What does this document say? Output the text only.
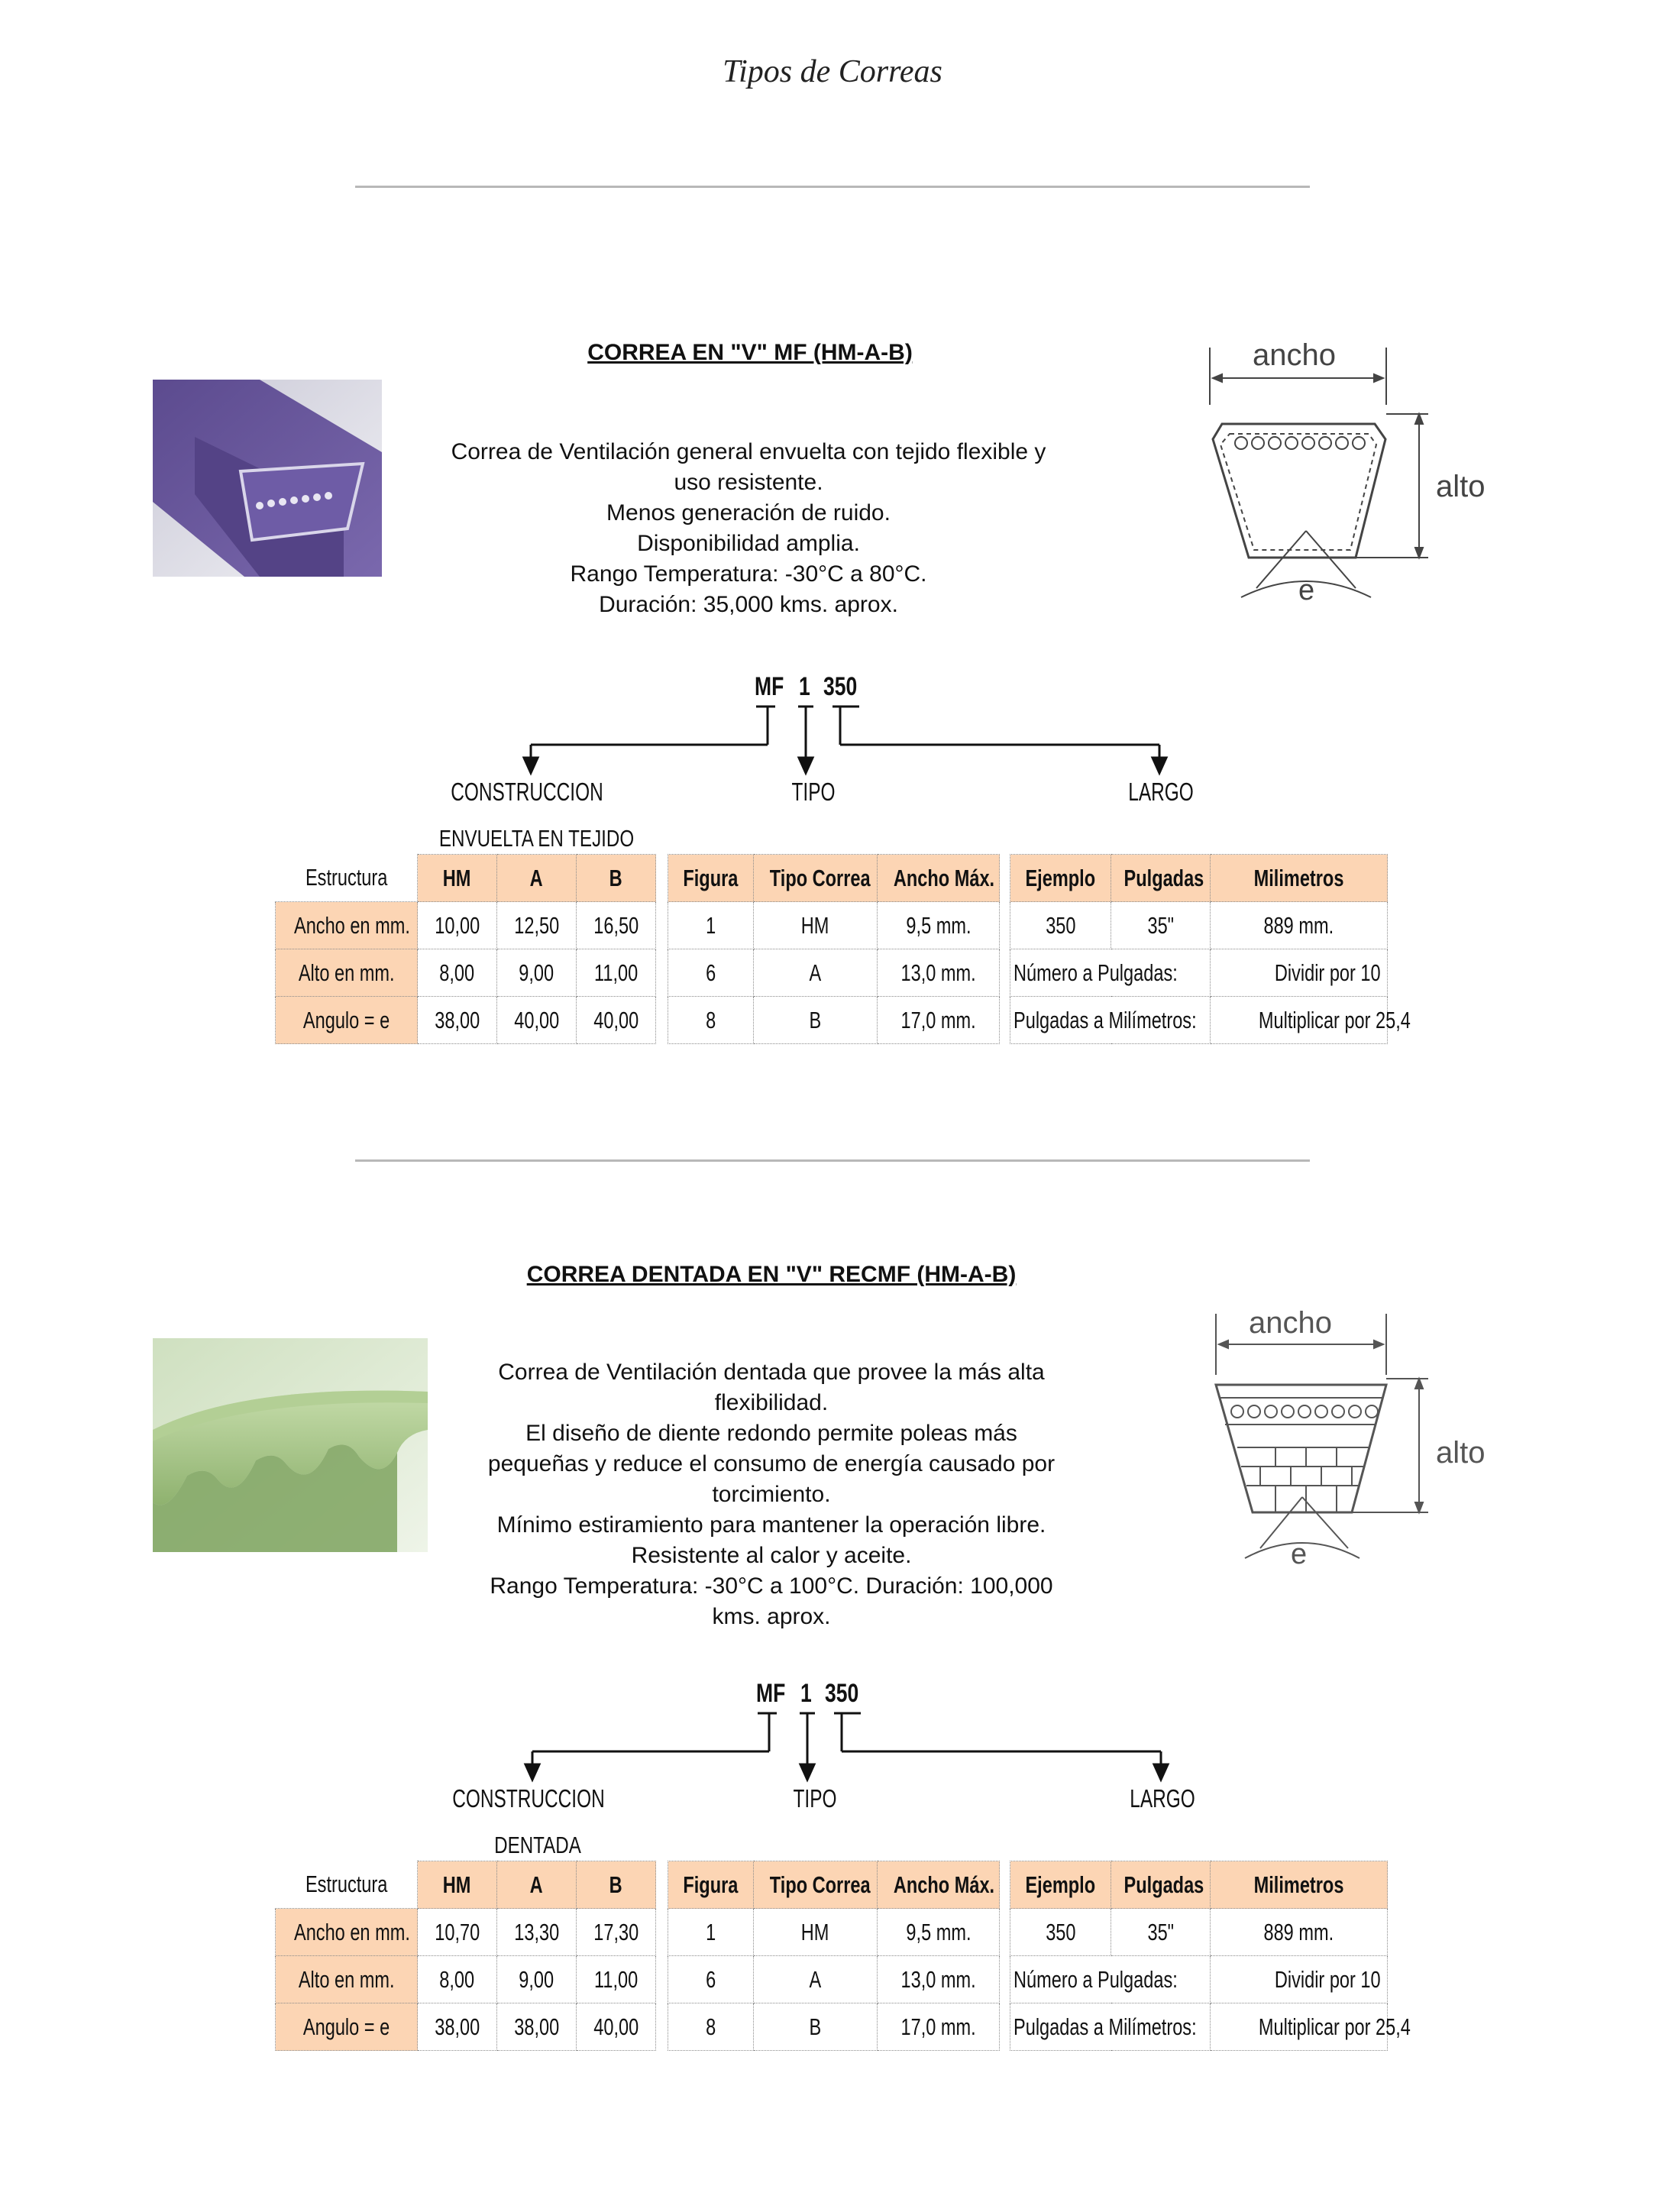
Tipos de Correas
CORREA EN "V" MF (HM-A-B)
Correa de Ventilación general envuelta con tejido flexible y
uso resistente.
Menos generación de ruido.
Disponibilidad amplia.
Rango Temperatura: -30°C a 80°C.
Duración: 35,000 kms. aprox.
ancho
alto
e
MF 1 350
CONSTRUCCION	TIPO	LARGO
ENVUELTA EN TEJIDO
Estructura	HM	A	B
Ancho en mm.	10,00	12,50	16,50
Alto en mm.	8,00	9,00	11,00
Angulo = e	38,00	40,00	40,00
Figura	Tipo Correa	Ancho Máx.
1	HM	9,5 mm.
6	A	13,0 mm.
8	B	17,0 mm.
Ejemplo	Pulgadas	Milimetros
350	35"	889 mm.
Número a Pulgadas:		Dividir por 10
Pulgadas a Milímetros:		Multiplicar por 25,4
CORREA DENTADA EN "V" RECMF (HM-A-B)
Correa de Ventilación dentada que provee la más alta
flexibilidad.
El diseño de diente redondo permite poleas más
pequeñas y reduce el consumo de energía causado por
torcimiento.
Mínimo estiramiento para mantener la operación libre.
Resistente al calor y aceite.
Rango Temperatura: -30°C a 100°C. Duración: 100,000
kms. aprox.
ancho
alto
e
MF 1 350
CONSTRUCCION	TIPO	LARGO
DENTADA
Estructura	HM	A	B
Ancho en mm.	10,70	13,30	17,30
Alto en mm.	8,00	9,00	11,00
Angulo = e	38,00	38,00	40,00
Figura	Tipo Correa	Ancho Máx.
1	HM	9,5 mm.
6	A	13,0 mm.
8	B	17,0 mm.
Ejemplo	Pulgadas	Milimetros
350	35"	889 mm.
Número a Pulgadas:		Dividir por 10
Pulgadas a Milímetros:		Multiplicar por 25,4
